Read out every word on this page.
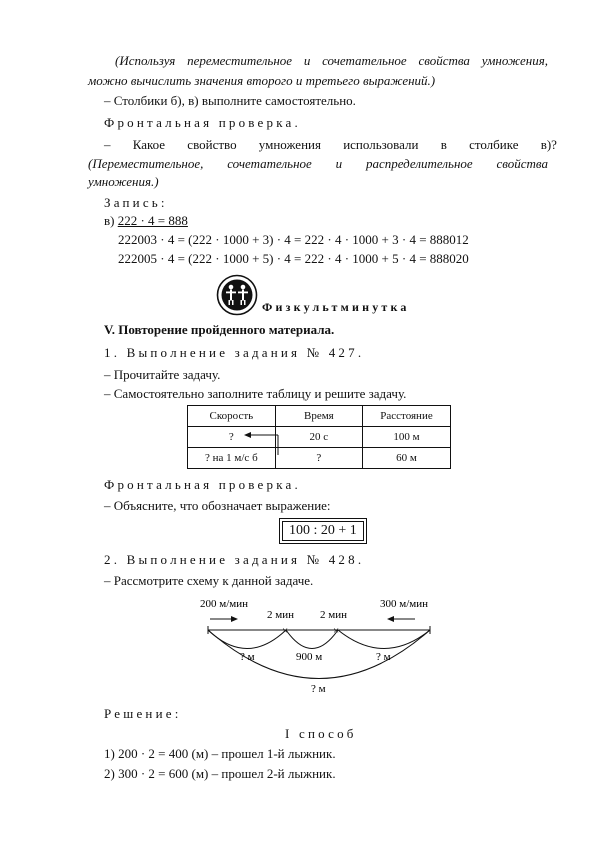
(Используя переместительное и сочетательное свойства умножения,
можно вычислить значения второго и третьего выражений.)
– Столбики б), в) выполните самостоятельно.
Фронтальная проверка.
– Какое свойство умножения использовали в столбике в)?
(Переместительное, сочетательное и распределительное свойства
умножения.)
Запись:
в) 222 · 4 = 888
222003 · 4 = (222 · 1000 + 3) · 4 = 222 · 4 · 1000 + 3 · 4 = 888012
222005 · 4 = (222 · 1000 + 5) · 4 = 222 · 4 · 1000 + 5 · 4 = 888020
Физкультминутка
V. Повторение пройденного материала.
1. Выполнение задания № 427.
– Прочитайте задачу.
– Самостоятельно заполните таблицу и решите задачу.
Скорость	Время	Расстояние
?	20 с	100 м
? на 1 м/с б	?	60 м
Фронтальная проверка.
– Объясните, что обозначает выражение:
100 : 20 + 1
2. Выполнение задания № 428.
– Рассмотрите схему к данной задаче.
200 м/мин	300 м/мин
2 мин 2 мин
×	×
? м	900 м	? м
? м
Решение:
I способ
1) 200 · 2 = 400 (м) – прошел 1-й лыжник.
2) 300 · 2 = 600 (м) – прошел 2-й лыжник.
